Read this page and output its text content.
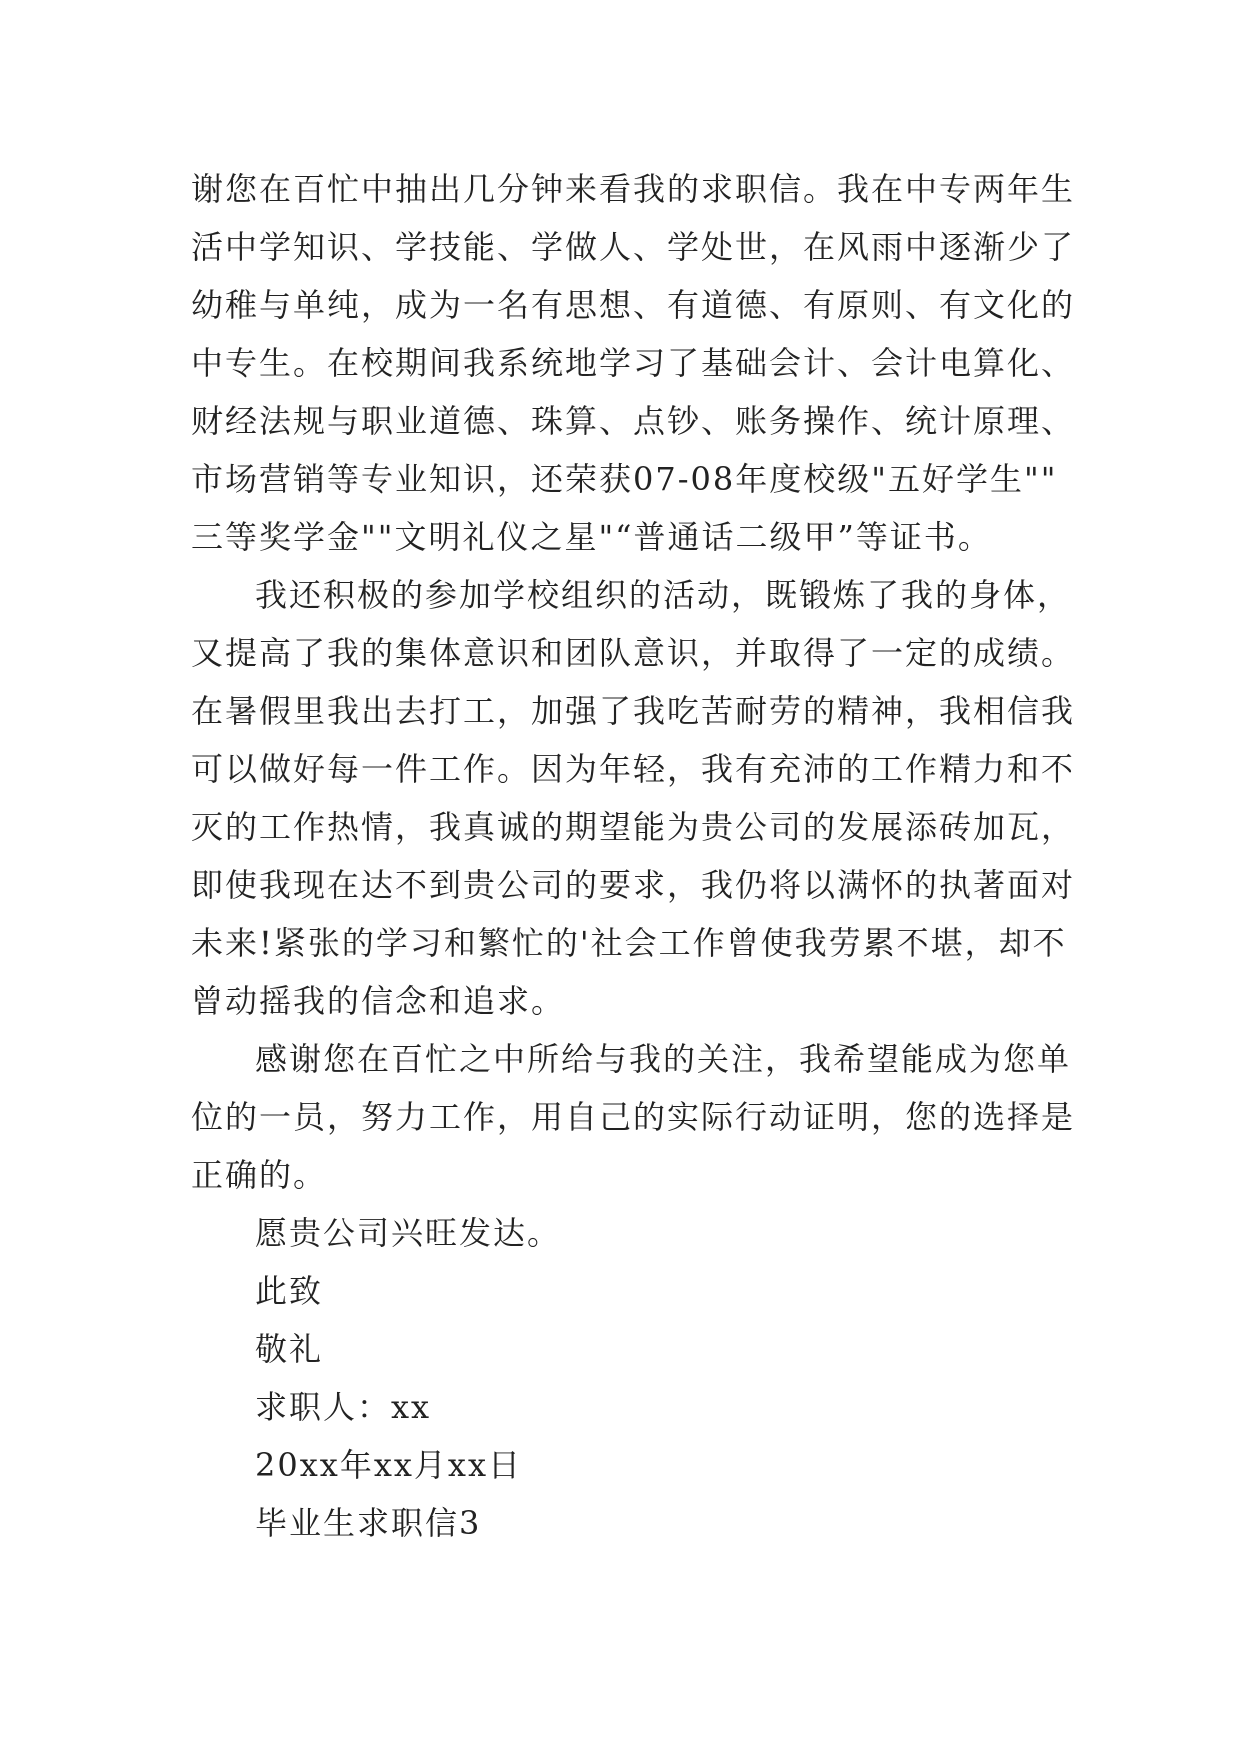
谢您在百忙中抽出几分钟来看我的求职信。我在中专两年生
活中学知识、学技能、学做人、学处世，在风雨中逐渐少了
幼稚与单纯，成为一名有思想、有道德、有原则、有文化的
中专生。在校期间我系统地学习了基础会计、会计电算化、
财经法规与职业道德、珠算、点钞、账务操作、统计原理、
市场营销等专业知识，还荣获07-08年度校级"五好学生""
三等奖学金""文明礼仪之星"“普通话二级甲”等证书。
我还积极的参加学校组织的活动，既锻炼了我的身体，
又提高了我的集体意识和团队意识，并取得了一定的成绩。
在暑假里我出去打工，加强了我吃苦耐劳的精神，我相信我
可以做好每一件工作。因为年轻，我有充沛的工作精力和不
灭的工作热情，我真诚的期望能为贵公司的发展添砖加瓦，
即使我现在达不到贵公司的要求，我仍将以满怀的执著面对
未来!紧张的学习和繁忙的'社会工作曾使我劳累不堪，却不
曾动摇我的信念和追求。
感谢您在百忙之中所给与我的关注，我希望能成为您单
位的一员，努力工作，用自己的实际行动证明，您的选择是
正确的。
愿贵公司兴旺发达。
此致
敬礼
求职人：xx
20xx年xx月xx日
毕业生求职信3
